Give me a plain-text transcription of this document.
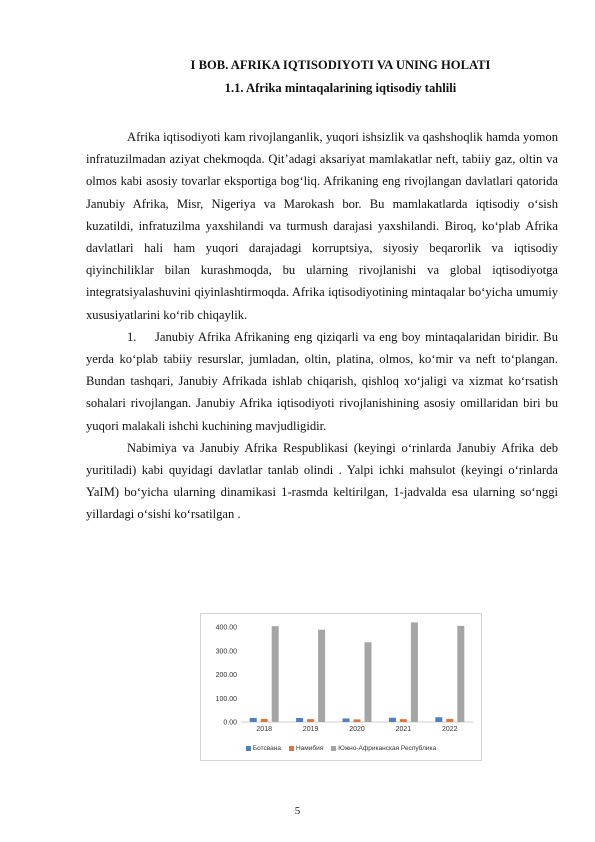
I BOB. AFRIKA IQTISODIYOTI VA UNING HOLATI
1.1. Afrika mintaqalarining iqtisodiy tahlili

Afrika iqtisodiyoti kam rivojlanganlik, yuqori ishsizlik va qashshoqlik hamda yomon infratuzilmadan aziyat chekmoqda. Qit’adagi aksariyat mamlakatlar neft, tabiiy gaz, oltin va olmos kabi asosiy tovarlar eksportiga bog‘liq. Afrikaning eng rivojlangan davlatlari qatorida Janubiy Afrika, Misr, Nigeriya va Marokash bor. Bu mamlakatlarda iqtisodiy o‘sish kuzatildi, infratuzilma yaxshilandi va turmush darajasi yaxshilandi. Biroq, ko‘plab Afrika davlatlari hali ham yuqori darajadagi korruptsiya, siyosiy beqarorlik va iqtisodiy qiyinchiliklar bilan kurashmoqda, bu ularning rivojlanishi va global iqtisodiyotga integratsiyalashuvini qiyinlashtirmoqda. Afrika iqtisodiyotining mintaqalar bo‘yicha umumiy xususiyatlarini ko‘rib chiqaylik.

1. Janubiy Afrika Afrikaning eng qiziqarli va eng boy mintaqalaridan biridir. Bu yerda ko‘plab tabiiy resurslar, jumladan, oltin, platina, olmos, ko‘mir va neft to‘plangan. Bundan tashqari, Janubiy Afrikada ishlab chiqarish, qishloq xo‘jaligi va xizmat ko‘rsatish sohalari rivojlangan. Janubiy Afrika iqtisodiyoti rivojlanishining asosiy omillaridan biri bu yuqori malakali ishchi kuchining mavjudligidir.

Nabimiya va Janubiy Afrika Respublikasi (keyingi o‘rinlarda Janubiy Afrika deb yuritiladi) kabi quyidagi davlatlar tanlab olindi . Yalpi ichki mahsulot (keyingi o‘rinlarda YaIM) bo‘yicha ularning dinamikasi 1-rasmda keltirilgan, 1-jadvalda esa ularning so‘nggi yillardagi o‘sishi ko‘rsatilgan .

0.00
100.00
200.00
300.00
400.00
2018	2019	2020	2021	2022
Ботсвана Намибия Южно-Африканская Республика
5
